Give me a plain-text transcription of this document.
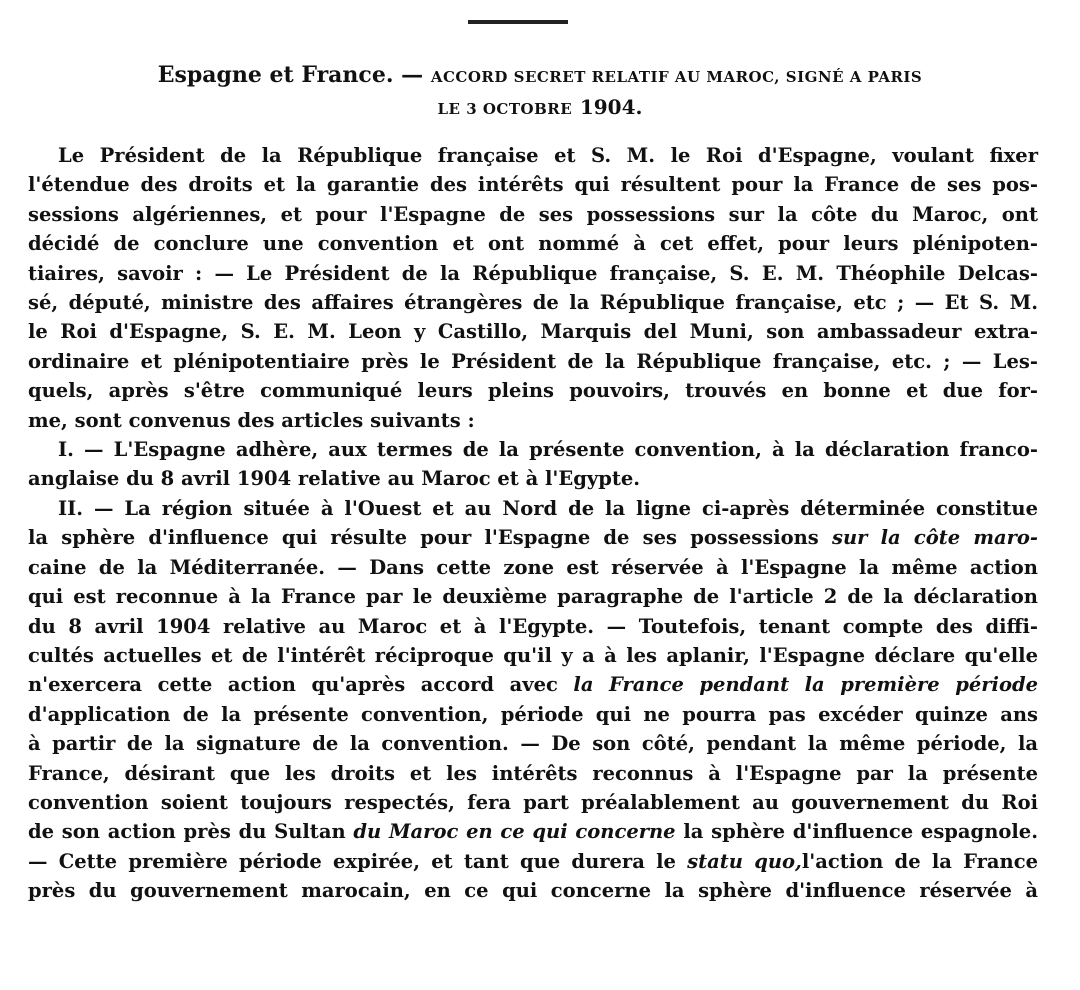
Espagne et France. — ACCORD SECRET RELATIF AU MAROC, SIGNÉ A PARIS
LE 3 OCTOBRE 1904.
Le Président de la République française et S. M. le Roi d'Espagne, voulant fixer
l'étendue des droits et la garantie des intérêts qui résultent pour la France de ses pos-
sessions algériennes, et pour l'Espagne de ses possessions sur la côte du Maroc, ont
décidé de conclure une convention et ont nommé à cet effet, pour leurs plénipoten-
tiaires, savoir : — Le Président de la République française, S. E. M. Théophile Delcas-
sé, député, ministre des affaires étrangères de la République française, etc ; — Et S. M.
le Roi d'Espagne, S. E. M. Leon y Castillo, Marquis del Muni, son ambassadeur extra-
ordinaire et plénipotentiaire près le Président de la République française, etc. ; — Les-
quels, après s'être communiqué leurs pleins pouvoirs, trouvés en bonne et due for-
me, sont convenus des articles suivants :
I. — L'Espagne adhère, aux termes de la présente convention, à la déclaration franco-
anglaise du 8 avril 1904 relative au Maroc et à l'Egypte.
II. — La région située à l'Ouest et au Nord de la ligne ci-après déterminée constitue
la sphère d'influence qui résulte pour l'Espagne de ses possessions sur la côte maro-
caine de la Méditerranée. — Dans cette zone est réservée à l'Espagne la même action
qui est reconnue à la France par le deuxième paragraphe de l'article 2 de la déclaration
du 8 avril 1904 relative au Maroc et à l'Egypte. — Toutefois, tenant compte des diffi-
cultés actuelles et de l'intérêt réciproque qu'il y a à les aplanir, l'Espagne déclare qu'elle
n'exercera cette action qu'après accord avec la France pendant la première période
d'application de la présente convention, période qui ne pourra pas excéder quinze ans
à partir de la signature de la convention. — De son côté, pendant la même période, la
France, désirant que les droits et les intérêts reconnus à l'Espagne par la présente
convention soient toujours respectés, fera part préalablement au gouvernement du Roi
de son action près du Sultan du Maroc en ce qui concerne la sphère d'influence espagnole.
— Cette première période expirée, et tant que durera le statu quo,l'action de la France
près du gouvernement marocain, en ce qui concerne la sphère d'influence réservée à
